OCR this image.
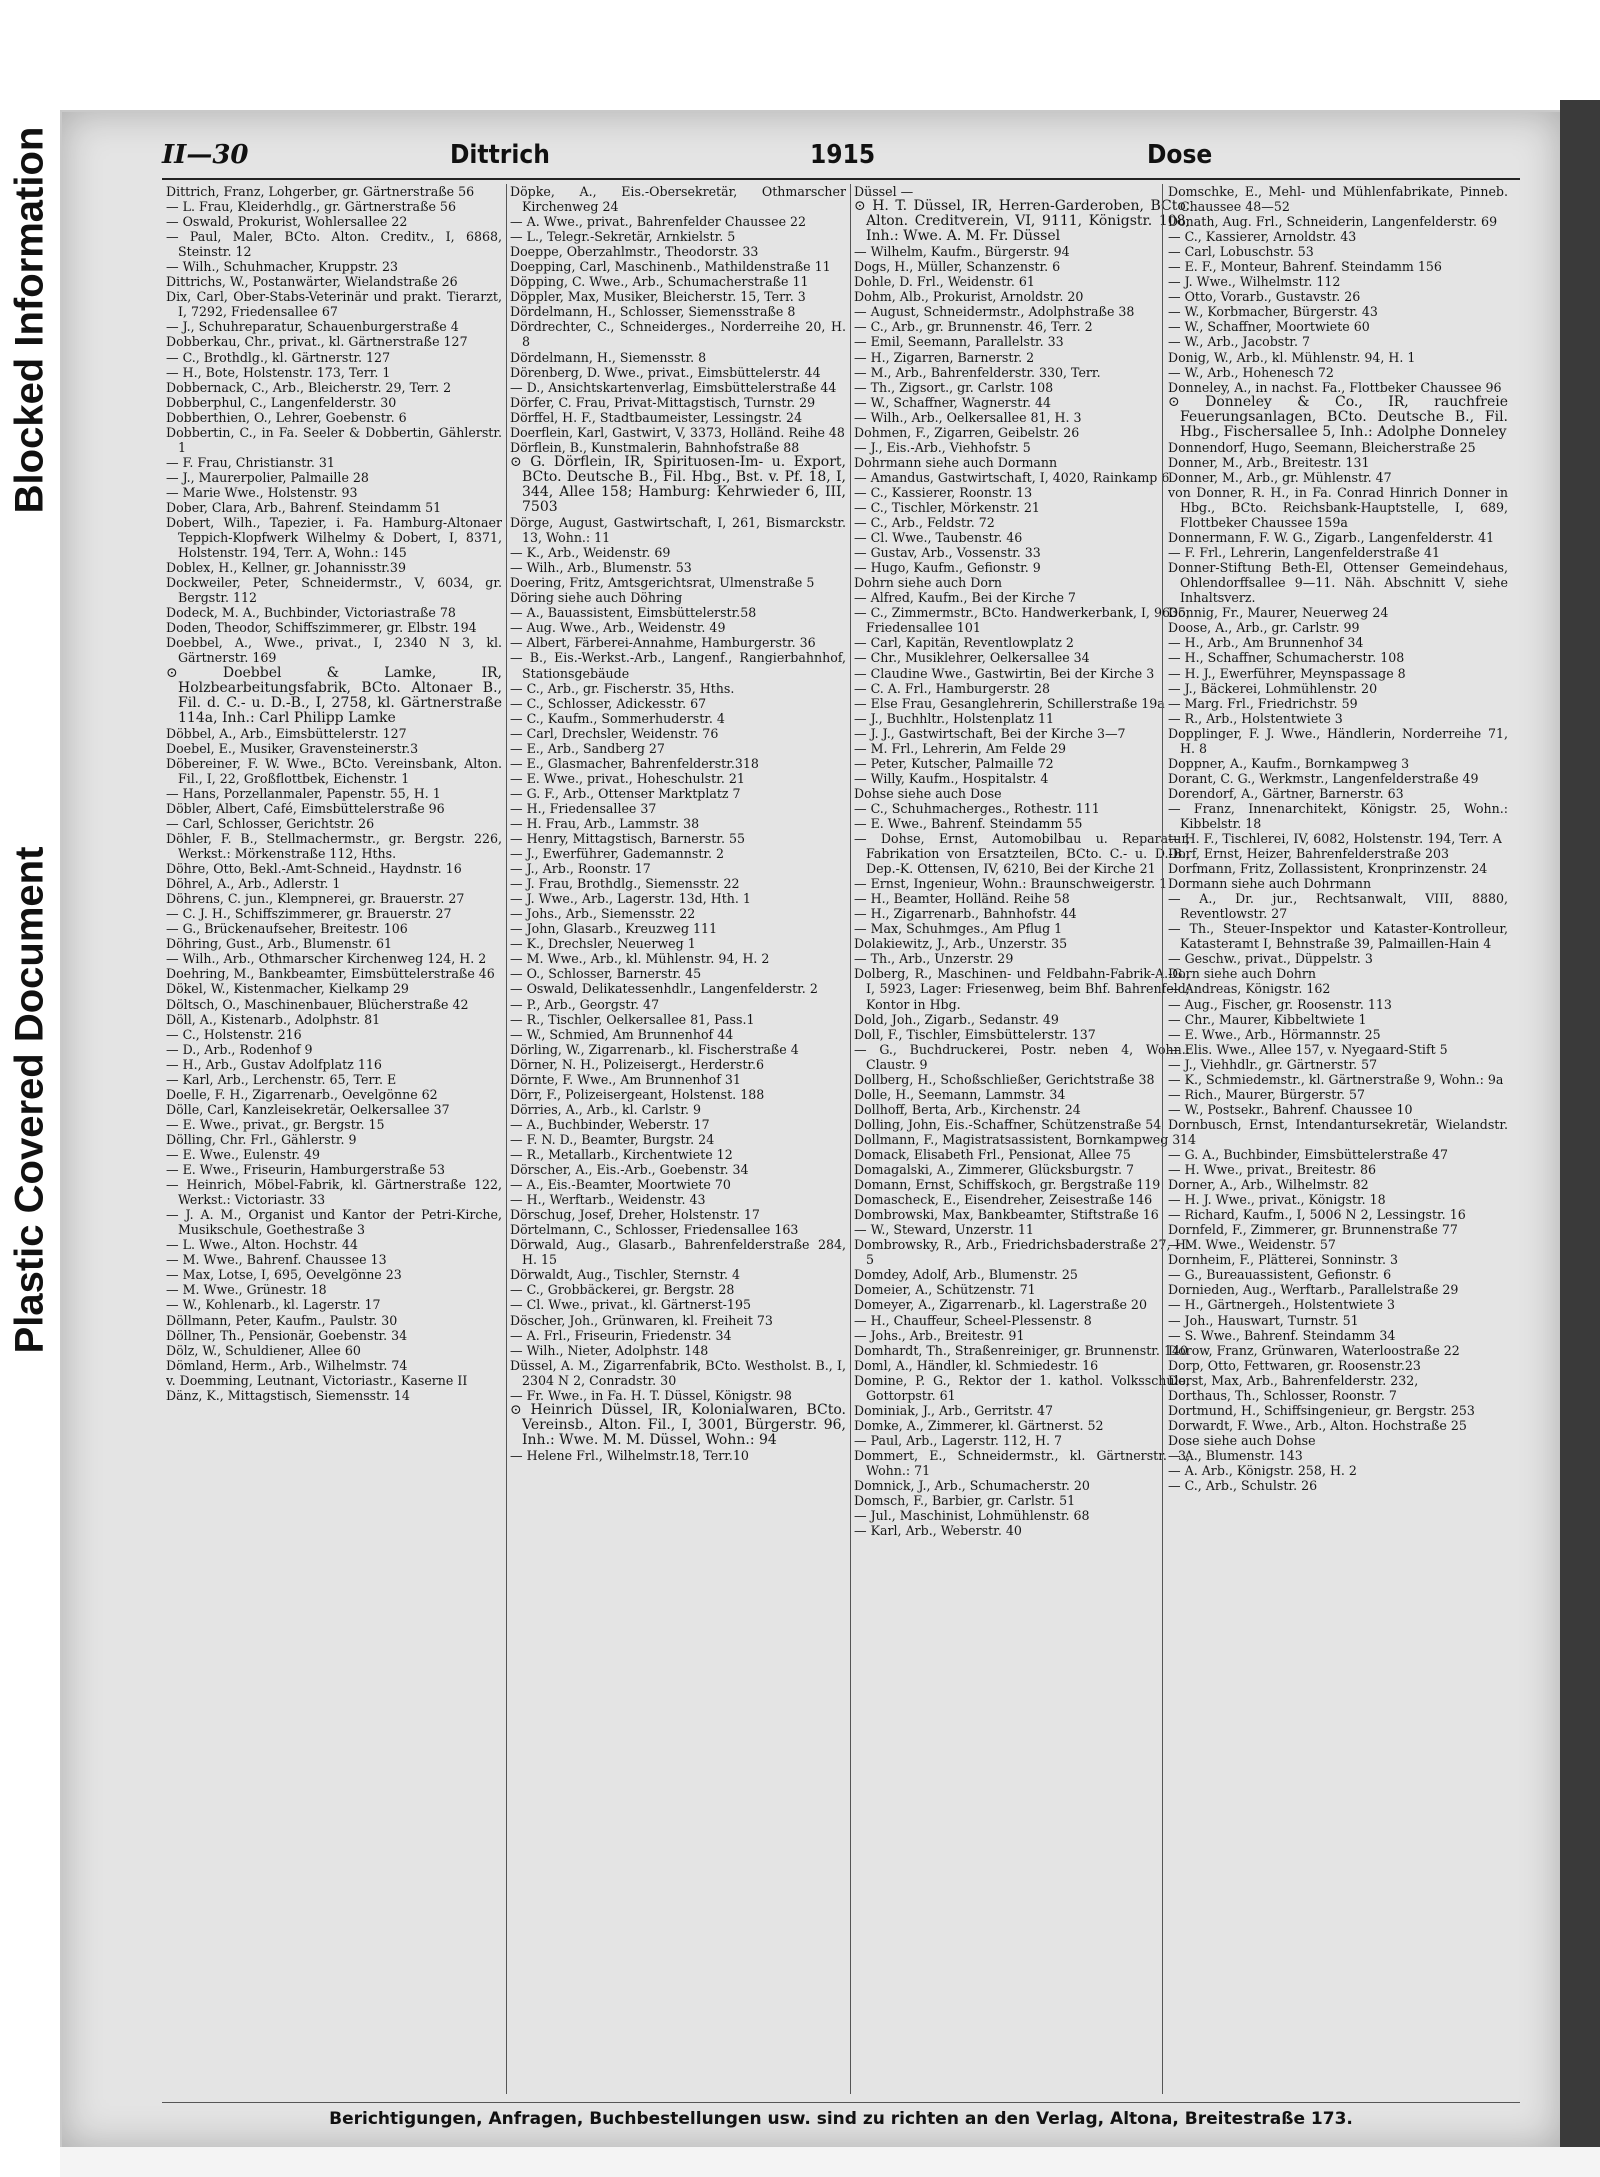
Plastic Covered Document
Blocked Information	II—30	Dittrich	1915	Dose
Dittrich, Franz, Lohgerber, gr. Gärtnerstraße 56
— L. Frau, Kleiderhdlg., gr. Gärtnerstraße 56
— Oswald, Prokurist, Wohlersallee 22
— Paul, Maler, BCto. Alton. Creditv., I, 6868, Steinstr. 12
— Wilh., Schuhmacher, Kruppstr. 23
Dittrichs, W., Postanwärter, Wielandstraße 26
Dix, Carl, Ober-Stabs-Veterinär und prakt. Tierarzt, I, 7292, Friedensallee 67
— J., Schuhreparatur, Schauenburgerstraße 4
Dobberkau, Chr., privat., kl. Gärtnerstraße 127
— C., Brothdlg., kl. Gärtnerstr. 127
— H., Bote, Holstenstr. 173, Terr. 1
Dobbernack, C., Arb., Bleicherstr. 29, Terr. 2
Dobberphul, C., Langenfelderstr. 30
Dobberthien, O., Lehrer, Goebenstr. 6
Dobbertin, C., in Fa. Seeler & Dobbertin, Gählerstr. 1
— F. Frau, Christianstr. 31
— J., Maurerpolier, Palmaille 28
— Marie Wwe., Holstenstr. 93
Dober, Clara, Arb., Bahrenf. Steindamm 51
Dobert, Wilh., Tapezier, i. Fa. Hamburg-Altonaer Teppich-Klopfwerk Wilhelmy & Dobert, I, 8371, Holstenstr. 194, Terr. A, Wohn.: 145
Doblex, H., Kellner, gr. Johannisstr.39
Dockweiler, Peter, Schneidermstr., V, 6034, gr. Bergstr. 112
Dodeck, M. A., Buchbinder, Victoriastraße 78
Doden, Theodor, Schiffszimmerer, gr. Elbstr. 194
Doebbel, A., Wwe., privat., I, 2340 N 3, kl. Gärtnerstr. 169
⊙ Doebbel & Lamke, IR, Holzbearbeitungsfabrik, BCto. Altonaer B., Fil. d. C.- u. D.-B., I, 2758, kl. Gärtnerstraße 114a, Inh.: Carl Philipp Lamke
Döbbel, A., Arb., Eimsbüttelerstr. 127
Doebel, E., Musiker, Gravensteinerstr.3
Döbereiner, F. W. Wwe., BCto. Vereinsbank, Alton. Fil., I, 22, Großflottbek, Eichenstr. 1
— Hans, Porzellanmaler, Papenstr. 55, H. 1
Döbler, Albert, Café, Eimsbüttelerstraße 96
— Carl, Schlosser, Gerichtstr. 26
Döhler, F. B., Stellmachermstr., gr. Bergstr. 226, Werkst.: Mörkenstraße 112, Hths.
Döhre, Otto, Bekl.-Amt-Schneid., Haydnstr. 16
Döhrel, A., Arb., Adlerstr. 1
Döhrens, C. jun., Klempnerei, gr. Brauerstr. 27
— C. J. H., Schiffszimmerer, gr. Brauerstr. 27
— G., Brückenaufseher, Breitestr. 106
Döhring, Gust., Arb., Blumenstr. 61
— Wilh., Arb., Othmarscher Kirchenweg 124, H. 2
Doehring, M., Bankbeamter, Eimsbüttelerstraße 46
Dökel, W., Kistenmacher, Kielkamp 29
Döltsch, O., Maschinenbauer, Blücherstraße 42
Döll, A., Kistenarb., Adolphstr. 81
— C., Holstenstr. 216
— D., Arb., Rodenhof 9
— H., Arb., Gustav Adolfplatz 116
— Karl, Arb., Lerchenstr. 65, Terr. E
Doelle, F. H., Zigarrenarb., Oevelgönne 62
Dölle, Carl, Kanzleisekretär, Oelkersallee 37
— E. Wwe., privat., gr. Bergstr. 15
Dölling, Chr. Frl., Gählerstr. 9
— E. Wwe., Eulenstr. 49
— E. Wwe., Friseurin, Hamburgerstraße 53
— Heinrich, Möbel-Fabrik, kl. Gärtnerstraße 122, Werkst.: Victoriastr. 33
— J. A. M., Organist und Kantor der Petri-Kirche, Musikschule, Goethestraße 3
— L. Wwe., Alton. Hochstr. 44
— M. Wwe., Bahrenf. Chaussee 13
— Max, Lotse, I, 695, Oevelgönne 23
— M. Wwe., Grünestr. 18
— W., Kohlenarb., kl. Lagerstr. 17
Döllmann, Peter, Kaufm., Paulstr. 30
Döllner, Th., Pensionär, Goebenstr. 34
Dölz, W., Schuldiener, Allee 60
Dömland, Herm., Arb., Wilhelmstr. 74
v. Doemming, Leutnant, Victoriastr., Kaserne II
Dänz, K., Mittagstisch, Siemensstr. 14
Döpke, A., Eis.-Obersekretär, Othmarscher Kirchenweg 24
— A. Wwe., privat., Bahrenfelder Chaussee 22
— L., Telegr.-Sekretär, Arnkielstr. 5
Doeppe, Oberzahlmstr., Theodorstr. 33
Doepping, Carl, Maschinenb., Mathildenstraße 11
Döpping, C. Wwe., Arb., Schumacherstraße 11
Döppler, Max, Musiker, Bleicherstr. 15, Terr. 3
Dördelmann, H., Schlosser, Siemensstraße 8
Dördrechter, C., Schneiderges., Norderreihe 20, H. 8
Dördelmann, H., Siemensstr. 8
Dörenberg, D. Wwe., privat., Eimsbüttelerstr. 44
— D., Ansichtskartenverlag, Eimsbüttelerstraße 44
Dörfer, C. Frau, Privat-Mittagstisch, Turnstr. 29
Dörffel, H. F., Stadtbaumeister, Lessingstr. 24
Doerflein, Karl, Gastwirt, V, 3373, Holländ. Reihe 48
Dörflein, B., Kunstmalerin, Bahnhofstraße 88
⊙ G. Dörflein, IR, Spirituosen-Im- u. Export, BCto. Deutsche B., Fil. Hbg., Bst. v. Pf. 18, I, 344, Allee 158; Hamburg: Kehrwieder 6, III, 7503
Dörge, August, Gastwirtschaft, I, 261, Bismarckstr. 13, Wohn.: 11
— K., Arb., Weidenstr. 69
— Wilh., Arb., Blumenstr. 53
Doering, Fritz, Amtsgerichtsrat, Ulmenstraße 5
Döring siehe auch Döhring
— A., Bauassistent, Eimsbüttelerstr.58
— Aug. Wwe., Arb., Weidenstr. 49
— Albert, Färberei-Annahme, Hamburgerstr. 36
— B., Eis.-Werkst.-Arb., Langenf., Rangierbahnhof, Stationsgebäude
— C., Arb., gr. Fischerstr. 35, Hths.
— C., Schlosser, Adickesstr. 67
— C., Kaufm., Sommerhuderstr. 4
— Carl, Drechsler, Weidenstr. 76
— E., Arb., Sandberg 27
— E., Glasmacher, Bahrenfelderstr.318
— E. Wwe., privat., Hoheschulstr. 21
— G. F., Arb., Ottenser Marktplatz 7
— H., Friedensallee 37
— H. Frau, Arb., Lammstr. 38
— Henry, Mittagstisch, Barnerstr. 55
— J., Ewerführer, Gademannstr. 2
— J., Arb., Roonstr. 17
— J. Frau, Brothdlg., Siemensstr. 22
— J. Wwe., Arb., Lagerstr. 13d, Hth. 1
— Johs., Arb., Siemensstr. 22
— John, Glasarb., Kreuzweg 111
— K., Drechsler, Neuerweg 1
— M. Wwe., Arb., kl. Mühlenstr. 94, H. 2
— O., Schlosser, Barnerstr. 45
— Oswald, Delikatessenhdlr., Langenfelderstr. 2
— P., Arb., Georgstr. 47
— R., Tischler, Oelkersallee 81, Pass.1
— W., Schmied, Am Brunnenhof 44
Dörling, W., Zigarrenarb., kl. Fischerstraße 4
Dörner, N. H., Polizeisergt., Herderstr.6
Dörnte, F. Wwe., Am Brunnenhof 31
Dörr, F., Polizeisergeant, Holstenst. 188
Dörries, A., Arb., kl. Carlstr. 9
— A., Buchbinder, Weberstr. 17
— F. N. D., Beamter, Burgstr. 24
— R., Metallarb., Kirchentwiete 12
Dörscher, A., Eis.-Arb., Goebenstr. 34
— A., Eis.-Beamter, Moortwiete 70
— H., Werftarb., Weidenstr. 43
Dörschug, Josef, Dreher, Holstenstr. 17
Dörtelmann, C., Schlosser, Friedensallee 163
Dörwald, Aug., Glasarb., Bahrenfelderstraße 284, H. 15
Dörwaldt, Aug., Tischler, Sternstr. 4
— C., Grobbäckerei, gr. Bergstr. 28
— Cl. Wwe., privat., kl. Gärtnerst-195
Döscher, Joh., Grünwaren, kl. Freiheit 73
— A. Frl., Friseurin, Friedenstr. 34
— Wilh., Nieter, Adolphstr. 148
Düssel, A. M., Zigarrenfabrik, BCto. Westholst. B., I, 2304 N 2, Conradstr. 30
— Fr. Wwe., in Fa. H. T. Düssel, Königstr. 98
⊙ Heinrich Düssel, IR, Kolonialwaren, BCto. Vereinsb., Alton. Fil., I, 3001, Bürgerstr. 96, Inh.: Wwe. M. M. Düssel, Wohn.: 94
— Helene Frl., Wilhelmstr.18, Terr.10
Düssel —
⊙ H. T. Düssel, IR, Herren-Garderoben, BCto. Alton. Creditverein, VI, 9111, Königstr. 108, Inh.: Wwe. A. M. Fr. Düssel
— Wilhelm, Kaufm., Bürgerstr. 94
Dogs, H., Müller, Schanzenstr. 6
Dohle, D. Frl., Weidenstr. 61
Dohm, Alb., Prokurist, Arnoldstr. 20
— August, Schneidermstr., Adolphstraße 38
— C., Arb., gr. Brunnenstr. 46, Terr. 2
— Emil, Seemann, Parallelstr. 33
— H., Zigarren, Barnerstr. 2
— M., Arb., Bahrenfelderstr. 330, Terr.
— Th., Zigsort., gr. Carlstr. 108
— W., Schaffner, Wagnerstr. 44
— Wilh., Arb., Oelkersallee 81, H. 3
Dohmen, F., Zigarren, Geibelstr. 26
— J., Eis.-Arb., Viehhofstr. 5
Dohrmann siehe auch Dormann
— Amandus, Gastwirtschaft, I, 4020, Rainkamp 6
— C., Kassierer, Roonstr. 13
— C., Tischler, Mörkenstr. 21
— C., Arb., Feldstr. 72
— Cl. Wwe., Taubenstr. 46
— Gustav, Arb., Vossenstr. 33
— Hugo, Kaufm., Gefionstr. 9
Dohrn siehe auch Dorn
— Alfred, Kaufm., Bei der Kirche 7
— C., Zimmermstr., BCto. Handwerkerbank, I, 9635, Friedensallee 101
— Carl, Kapitän, Reventlowplatz 2
— Chr., Musiklehrer, Oelkersallee 34
— Claudine Wwe., Gastwirtin, Bei der Kirche 3
— C. A. Frl., Hamburgerstr. 28
— Else Frau, Gesanglehrerin, Schillerstraße 19a
— J., Buchhltr., Holstenplatz 11
— J. J., Gastwirtschaft, Bei der Kirche 3—7
— M. Frl., Lehrerin, Am Felde 29
— Peter, Kutscher, Palmaille 72
— Willy, Kaufm., Hospitalstr. 4
Dohse siehe auch Dose
— C., Schuhmacherges., Rothestr. 111
— E. Wwe., Bahrenf. Steindamm 55
— Dohse, Ernst, Automobilbau u. Reparatur, Fabrikation von Ersatzteilen, BCto. C.- u. D.-B., Dep.-K. Ottensen, IV, 6210, Bei der Kirche 21
— Ernst, Ingenieur, Wohn.: Braunschweigerstr. 1
— H., Beamter, Holländ. Reihe 58
— H., Zigarrenarb., Bahnhofstr. 44
— Max, Schuhmges., Am Pflug 1
Dolakiewitz, J., Arb., Unzerstr. 35
— Th., Arb., Unzerstr. 29
Dolberg, R., Maschinen- und Feldbahn-Fabrik-A.-G., I, 5923, Lager: Friesenweg, beim Bhf. Bahrenfeld; Kontor in Hbg.
Dold, Joh., Zigarb., Sedanstr. 49
Doll, F., Tischler, Eimsbüttelerstr. 137
— G., Buchdruckerei, Postr. neben 4, Wohn.: Claustr. 9
Dollberg, H., Schoßschließer, Gerichtstraße 38
Dolle, H., Seemann, Lammstr. 34
Dollhoff, Berta, Arb., Kirchenstr. 24
Dolling, John, Eis.-Schaffner, Schützenstraße 54
Dollmann, F., Magistratsassistent, Bornkampweg 3
Domack, Elisabeth Frl., Pensionat, Allee 75
Domagalski, A., Zimmerer, Glücksburgstr. 7
Domann, Ernst, Schiffskoch, gr. Bergstraße 119
Domascheck, E., Eisendreher, Zeisestraße 146
Dombrowski, Max, Bankbeamter, Stiftstraße 16
— W., Steward, Unzerstr. 11
Dombrowsky, R., Arb., Friedrichsbaderstraße 27, H. 5
Domdey, Adolf, Arb., Blumenstr. 25
Domeier, A., Schützenstr. 71
Domeyer, A., Zigarrenarb., kl. Lagerstraße 20
— H., Chauffeur, Scheel-Plessenstr. 8
— Johs., Arb., Breitestr. 91
Domhardt, Th., Straßenreiniger, gr. Brunnenstr. 140
Doml, A., Händler, kl. Schmiedestr. 16
Domine, P. G., Rektor der 1. kathol. Volksschule, Gottorpstr. 61
Dominiak, J., Arb., Gerritstr. 47
Domke, A., Zimmerer, kl. Gärtnerst. 52
— Paul, Arb., Lagerstr. 112, H. 7
Dommert, E., Schneidermstr., kl. Gärtnerstr. 3, Wohn.: 71
Domnick, J., Arb., Schumacherstr. 20
Domsch, F., Barbier, gr. Carlstr. 51
— Jul., Maschinist, Lohmühlenstr. 68
— Karl, Arb., Weberstr. 40
Domschke, E., Mehl- und Mühlenfabrikate, Pinneb. Chaussee 48—52
Donath, Aug. Frl., Schneiderin, Langenfelderstr. 69
— C., Kassierer, Arnoldstr. 43
— Carl, Lobuschstr. 53
— E. F., Monteur, Bahrenf. Steindamm 156
— J. Wwe., Wilhelmstr. 112
— Otto, Vorarb., Gustavstr. 26
— W., Korbmacher, Bürgerstr. 43
— W., Schaffner, Moortwiete 60
— W., Arb., Jacobstr. 7
Donig, W., Arb., kl. Mühlenstr. 94, H. 1
— W., Arb., Hohenesch 72
Donneley, A., in nachst. Fa., Flottbeker Chaussee 96
⊙ Donneley & Co., IR, rauchfreie Feuerungsanlagen, BCto. Deutsche B., Fil. Hbg., Fischersallee 5, Inh.: Adolphe Donneley
Donnendorf, Hugo, Seemann, Bleicherstraße 25
Donner, M., Arb., Breitestr. 131
Donner, M., Arb., gr. Mühlenstr. 47
von Donner, R. H., in Fa. Conrad Hinrich Donner in Hbg., BCto. Reichsbank-Hauptstelle, I, 689, Flottbeker Chaussee 159a
Donnermann, F. W. G., Zigarb., Langenfelderstr. 41
— F. Frl., Lehrerin, Langenfelderstraße 41
Donner-Stiftung Beth-El, Ottenser Gemeindehaus, Ohlendorffsallee 9—11. Näh. Abschnitt V, siehe Inhaltsverz.
Donnig, Fr., Maurer, Neuerweg 24
Doose, A., Arb., gr. Carlstr. 99
— H., Arb., Am Brunnenhof 34
— H., Schaffner, Schumacherstr. 108
— H. J., Ewerführer, Meynspassage 8
— J., Bäckerei, Lohmühlenstr. 20
— Marg. Frl., Friedrichstr. 59
— R., Arb., Holstentwiete 3
Dopplinger, F. J. Wwe., Händlerin, Norderreihe 71, H. 8
Doppner, A., Kaufm., Bornkampweg 3
Dorant, C. G., Werkmstr., Langenfelderstraße 49
Dorendorf, A., Gärtner, Barnerstr. 63
— Franz, Innenarchitekt, Königstr. 25, Wohn.: Kibbelstr. 18
— H. F., Tischlerei, IV, 6082, Holstenstr. 194, Terr. A
Dorf, Ernst, Heizer, Bahrenfelderstraße 203
Dorfmann, Fritz, Zollassistent, Kronprinzenstr. 24
Dormann siehe auch Dohrmann
— A., Dr. jur., Rechtsanwalt, VIII, 8880, Reventlowstr. 27
— Th., Steuer-Inspektor und Kataster-Kontrolleur, Katasteramt I, Behnstraße 39, Palmaillen-Hain 4
— Geschw., privat., Düppelstr. 3
Dorn siehe auch Dohrn
— Andreas, Königstr. 162
— Aug., Fischer, gr. Roosenstr. 113
— Chr., Maurer, Kibbeltwiete 1
— E. Wwe., Arb., Hörmannstr. 25
— Elis. Wwe., Allee 157, v. Nyegaard-Stift 5
— J., Viehhdlr., gr. Gärtnerstr. 57
— K., Schmiedemstr., kl. Gärtnerstraße 9, Wohn.: 9a
— Rich., Maurer, Bürgerstr. 57
— W., Postsekr., Bahrenf. Chaussee 10
Dornbusch, Ernst, Intendantursekretär, Wielandstr. 14
— G. A., Buchbinder, Eimsbüttelerstraße 47
— H. Wwe., privat., Breitestr. 86
Dorner, A., Arb., Wilhelmstr. 82
— H. J. Wwe., privat., Königstr. 18
— Richard, Kaufm., I, 5006 N 2, Lessingstr. 16
Dornfeld, F., Zimmerer, gr. Brunnenstraße 77
— M. Wwe., Weidenstr. 57
Dornheim, F., Plätterei, Sonninstr. 3
— G., Bureauassistent, Gefionstr. 6
Dornieden, Aug., Werftarb., Parallelstraße 29
— H., Gärtnergeh., Holstentwiete 3
— Joh., Hauswart, Turnstr. 51
— S. Wwe., Bahrenf. Steindamm 34
Dorow, Franz, Grünwaren, Waterloostraße 22
Dorp, Otto, Fettwaren, gr. Roosenstr.23
Dorst, Max, Arb., Bahrenfelderstr. 232,
Dorthaus, Th., Schlosser, Roonstr. 7
Dortmund, H., Schiffsingenieur, gr. Bergstr. 253
Dorwardt, F. Wwe., Arb., Alton. Hochstraße 25
Dose siehe auch Dohse
— A., Blumenstr. 143
— A. Arb., Königstr. 258, H. 2
— C., Arb., Schulstr. 26
Berichtigungen, Anfragen, Buchbestellungen usw. sind zu richten an den Verlag, Altona, Breitestraße 173.
